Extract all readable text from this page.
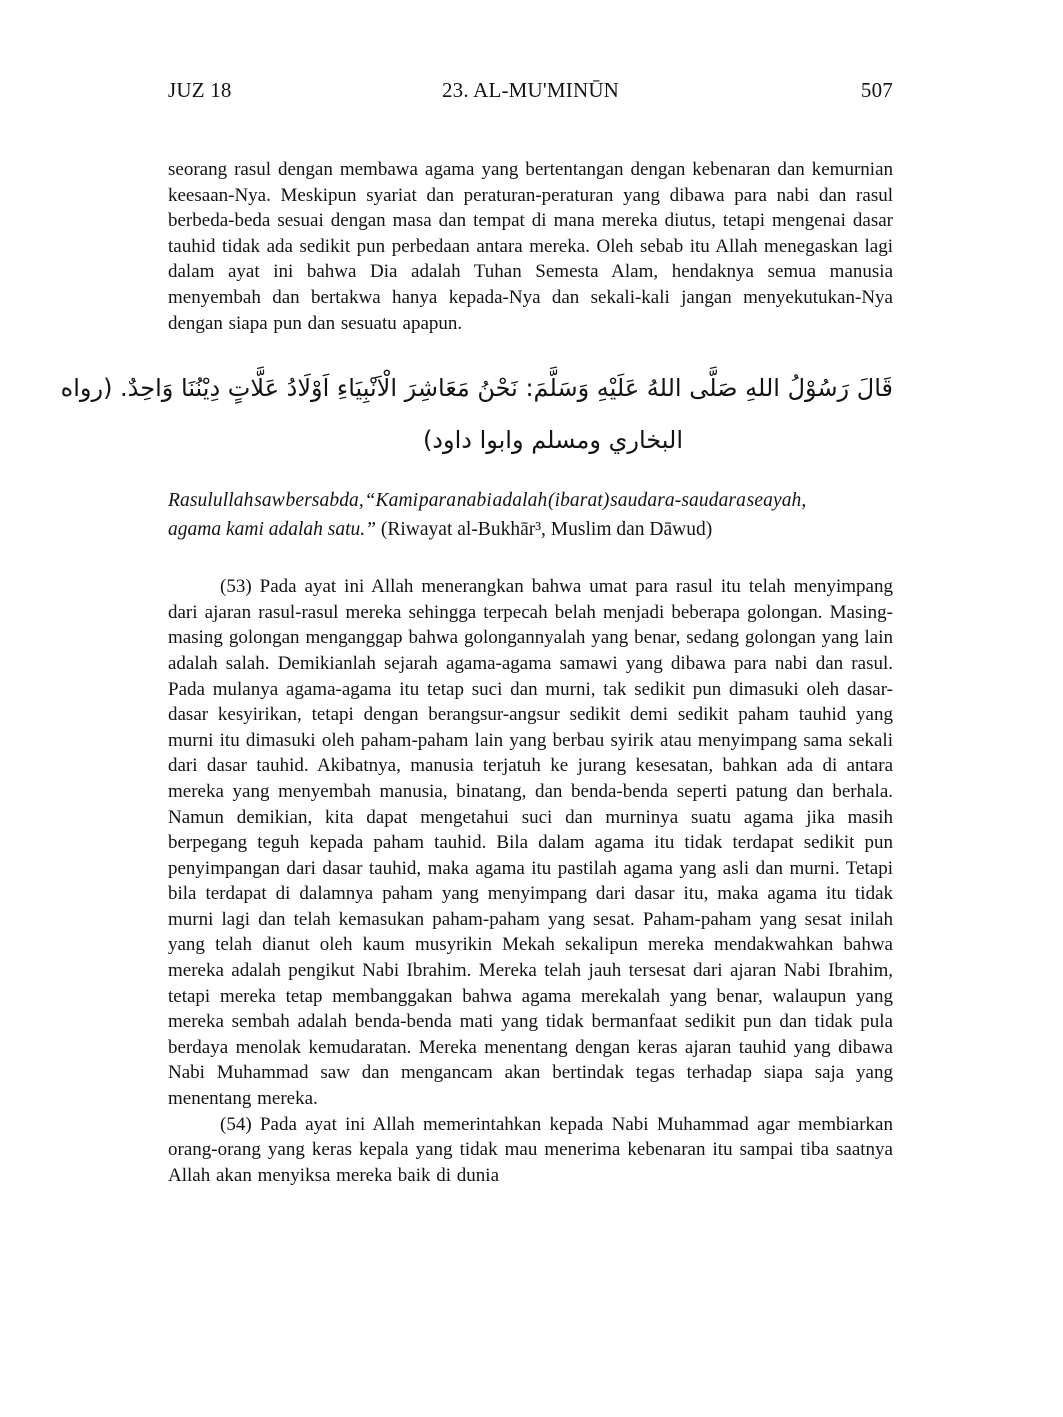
JUZ 18	23. AL-MU'MINŪN	507
seorang rasul dengan membawa agama yang bertentangan dengan kebenaran dan kemurnian keesaan-Nya. Meskipun syariat dan peraturan-peraturan yang dibawa para nabi dan rasul berbeda-beda sesuai dengan masa dan tempat di mana mereka diutus, tetapi mengenai dasar tauhid tidak ada sedikit pun perbedaan antara mereka. Oleh sebab itu Allah menegaskan lagi dalam ayat ini bahwa Dia adalah Tuhan Semesta Alam, hendaknya semua manusia menyembah dan bertakwa hanya kepada-Nya dan sekali-kali jangan menyekutukan-Nya dengan siapa pun dan sesuatu apapun.
قَالَ رَسُوْلُ اللهِ صَلَّى اللهُ عَلَيْهِ وَسَلَّمَ: نَحْنُ مَعَاشِرَ الْاَنْبِيَاءِ اَوْلَادُ عَلَّاتٍ دِيْنُنَا وَاحِدٌ. (رواه
البخاري ومسلم وابوا داود)
Rasulullah saw bersabda, “Kami para nabi adalah (ibarat) saudara-saudara seayah,
agama kami adalah satu.” (Riwayat al-Bukhār³, Muslim dan Dāwud)
(53) Pada ayat ini Allah menerangkan bahwa umat para rasul itu telah menyimpang dari ajaran rasul-rasul mereka sehingga terpecah belah menjadi beberapa golongan. Masing-masing golongan menganggap bahwa golongannyalah yang benar, sedang golongan yang lain adalah salah. Demikianlah sejarah agama-agama samawi yang dibawa para nabi dan rasul. Pada mulanya agama-agama itu tetap suci dan murni, tak sedikit pun dimasuki oleh dasar-dasar kesyirikan, tetapi dengan berangsur-angsur sedikit demi sedikit paham tauhid yang murni itu dimasuki oleh paham-paham lain yang berbau syirik atau menyimpang sama sekali dari dasar tauhid. Akibatnya, manusia terjatuh ke jurang kesesatan, bahkan ada di antara mereka yang menyembah manusia, binatang, dan benda-benda seperti patung dan berhala. Namun demikian, kita dapat mengetahui suci dan murninya suatu agama jika masih berpegang teguh kepada paham tauhid. Bila dalam agama itu tidak terdapat sedikit pun penyimpangan dari dasar tauhid, maka agama itu pastilah agama yang asli dan murni. Tetapi bila terdapat di dalamnya paham yang menyimpang dari dasar itu, maka agama itu tidak murni lagi dan telah kemasukan paham-paham yang sesat. Paham-paham yang sesat inilah yang telah dianut oleh kaum musyrikin Mekah sekalipun mereka mendakwahkan bahwa mereka adalah pengikut Nabi Ibrahim. Mereka telah jauh tersesat dari ajaran Nabi Ibrahim, tetapi mereka tetap membanggakan bahwa agama merekalah yang benar, walaupun yang mereka sembah adalah benda-benda mati yang tidak bermanfaat sedikit pun dan tidak pula berdaya menolak kemudaratan. Mereka menentang dengan keras ajaran tauhid yang dibawa Nabi Muhammad saw dan mengancam akan bertindak tegas terhadap siapa saja yang menentang mereka.
(54) Pada ayat ini Allah memerintahkan kepada Nabi Muhammad agar membiarkan orang-orang yang keras kepala yang tidak mau menerima kebenaran itu sampai tiba saatnya Allah akan menyiksa mereka baik di dunia
